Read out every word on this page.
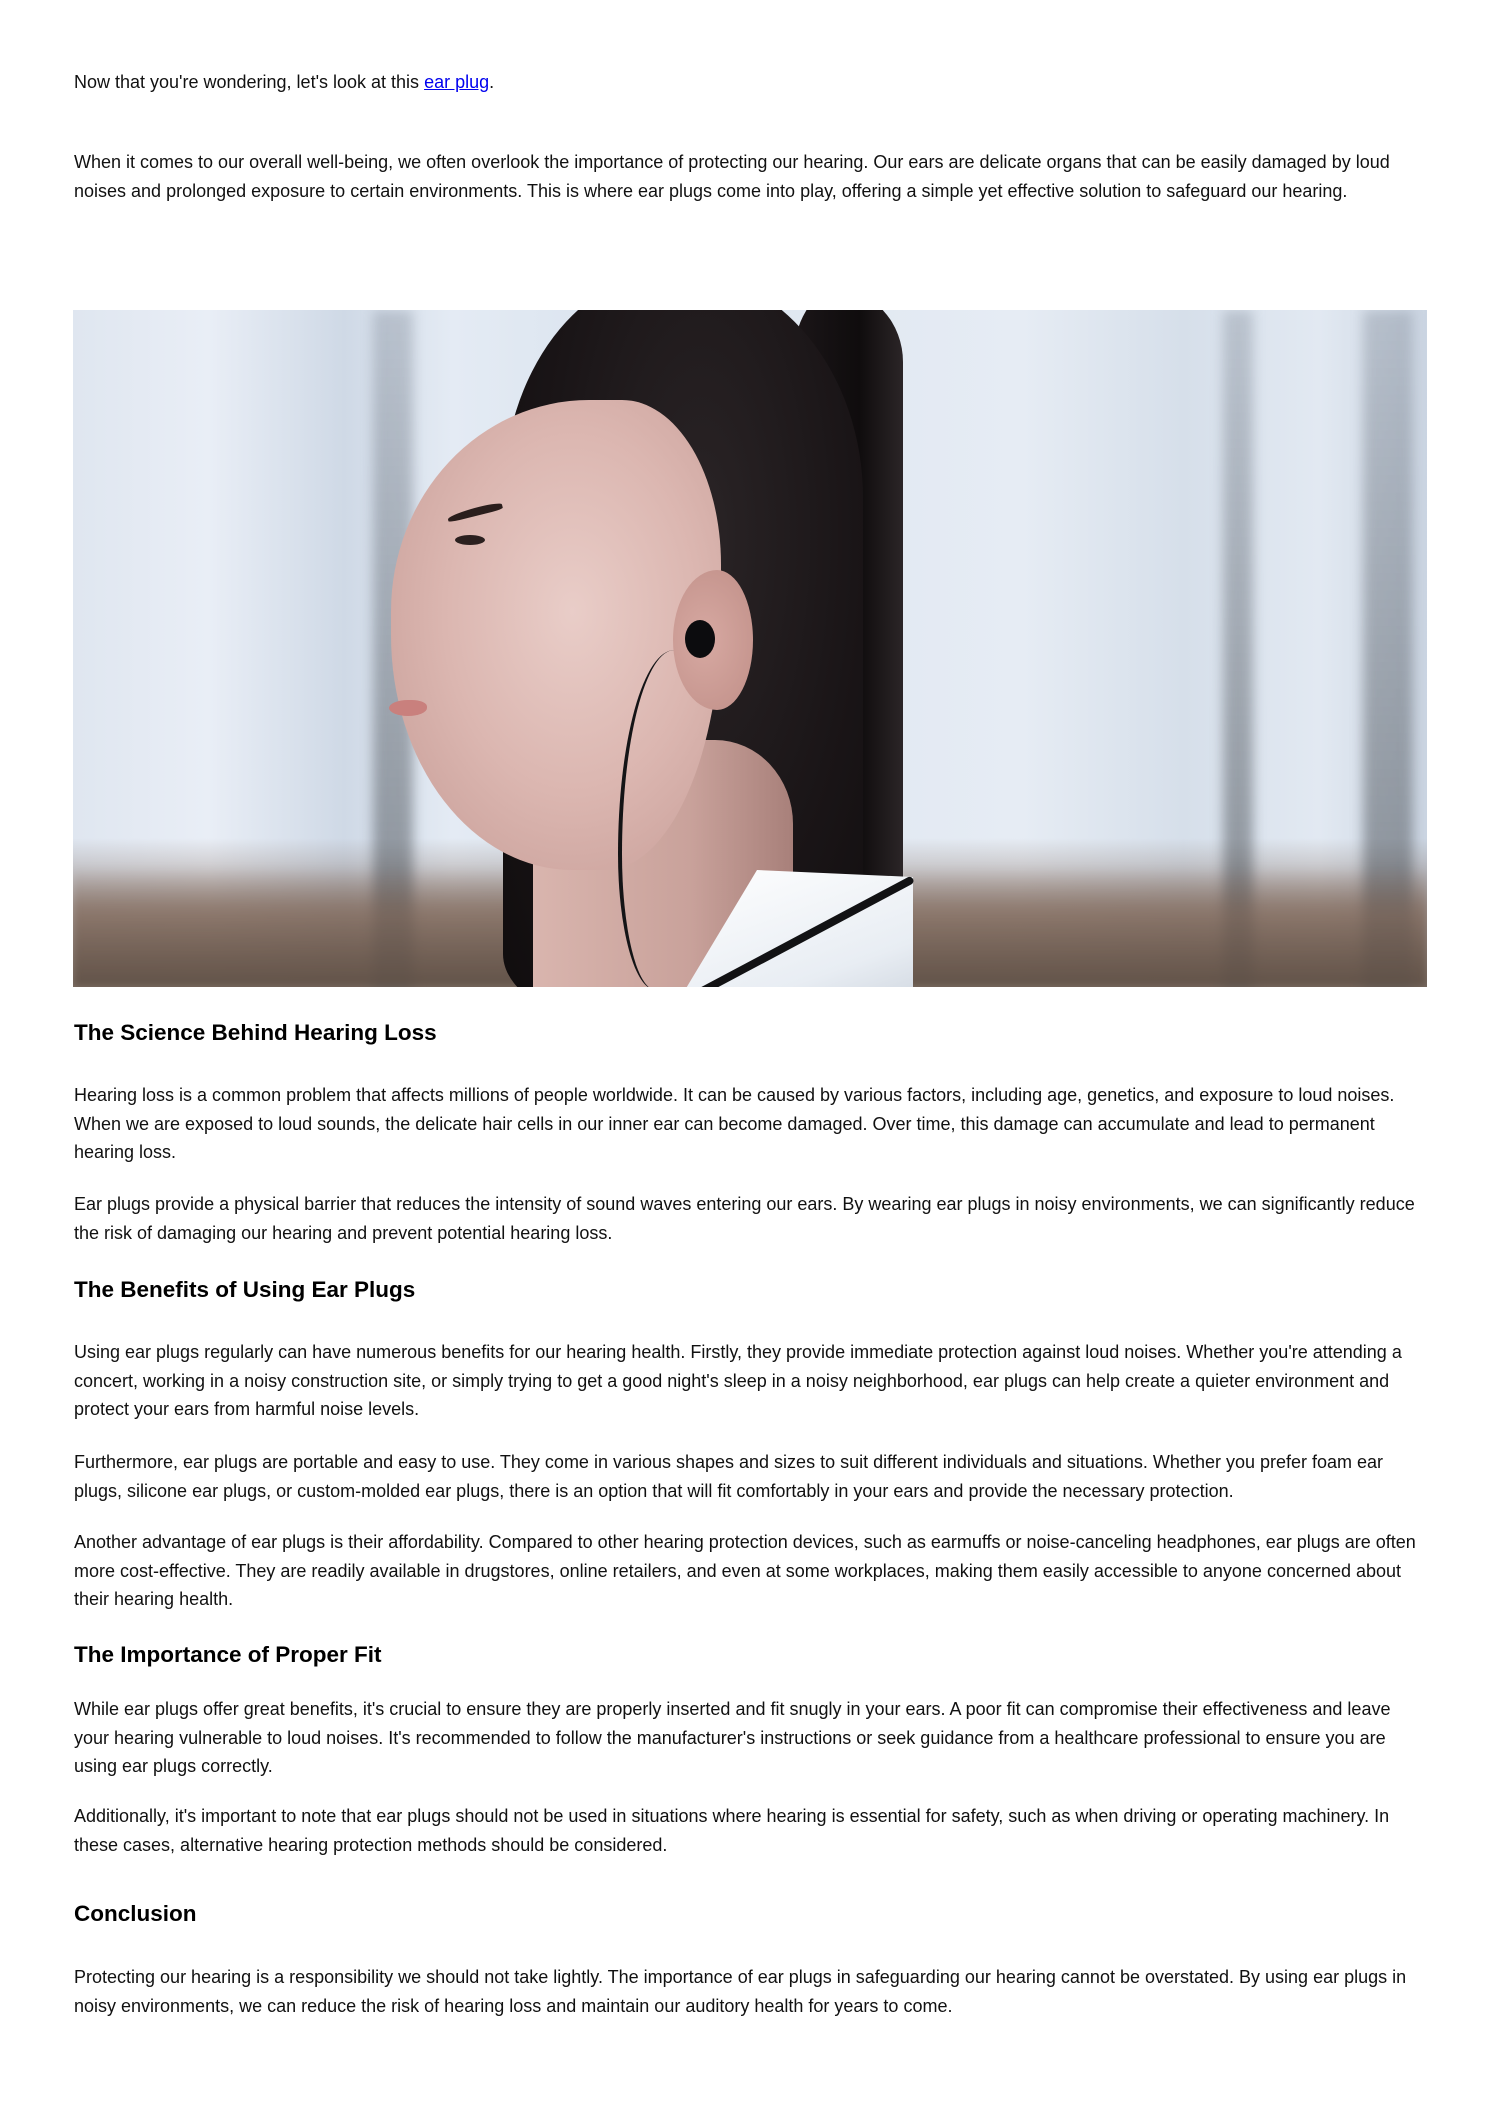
Now that you're wondering, let's look at this ear plug.

When it comes to our overall well-being, we often overlook the importance of protecting our hearing. Our ears are delicate organs that can be easily damaged by loud noises and prolonged exposure to certain environments. This is where ear plugs come into play, offering a simple yet effective solution to safeguard our hearing.

The Science Behind Hearing Loss

Hearing loss is a common problem that affects millions of people worldwide. It can be caused by various factors, including age, genetics, and exposure to loud noises. When we are exposed to loud sounds, the delicate hair cells in our inner ear can become damaged. Over time, this damage can accumulate and lead to permanent hearing loss.

Ear plugs provide a physical barrier that reduces the intensity of sound waves entering our ears. By wearing ear plugs in noisy environments, we can significantly reduce the risk of damaging our hearing and prevent potential hearing loss.

The Benefits of Using Ear Plugs

Using ear plugs regularly can have numerous benefits for our hearing health. Firstly, they provide immediate protection against loud noises. Whether you're attending a concert, working in a noisy construction site, or simply trying to get a good night's sleep in a noisy neighborhood, ear plugs can help create a quieter environment and protect your ears from harmful noise levels.

Furthermore, ear plugs are portable and easy to use. They come in various shapes and sizes to suit different individuals and situations. Whether you prefer foam ear plugs, silicone ear plugs, or custom-molded ear plugs, there is an option that will fit comfortably in your ears and provide the necessary protection.

Another advantage of ear plugs is their affordability. Compared to other hearing protection devices, such as earmuffs or noise-canceling headphones, ear plugs are often more cost-effective. They are readily available in drugstores, online retailers, and even at some workplaces, making them easily accessible to anyone concerned about their hearing health.

The Importance of Proper Fit

While ear plugs offer great benefits, it's crucial to ensure they are properly inserted and fit snugly in your ears. A poor fit can compromise their effectiveness and leave your hearing vulnerable to loud noises. It's recommended to follow the manufacturer's instructions or seek guidance from a healthcare professional to ensure you are using ear plugs correctly.

Additionally, it's important to note that ear plugs should not be used in situations where hearing is essential for safety, such as when driving or operating machinery. In these cases, alternative hearing protection methods should be considered.

Conclusion

Protecting our hearing is a responsibility we should not take lightly. The importance of ear plugs in safeguarding our hearing cannot be overstated. By using ear plugs in noisy environments, we can reduce the risk of hearing loss and maintain our auditory health for years to come.
